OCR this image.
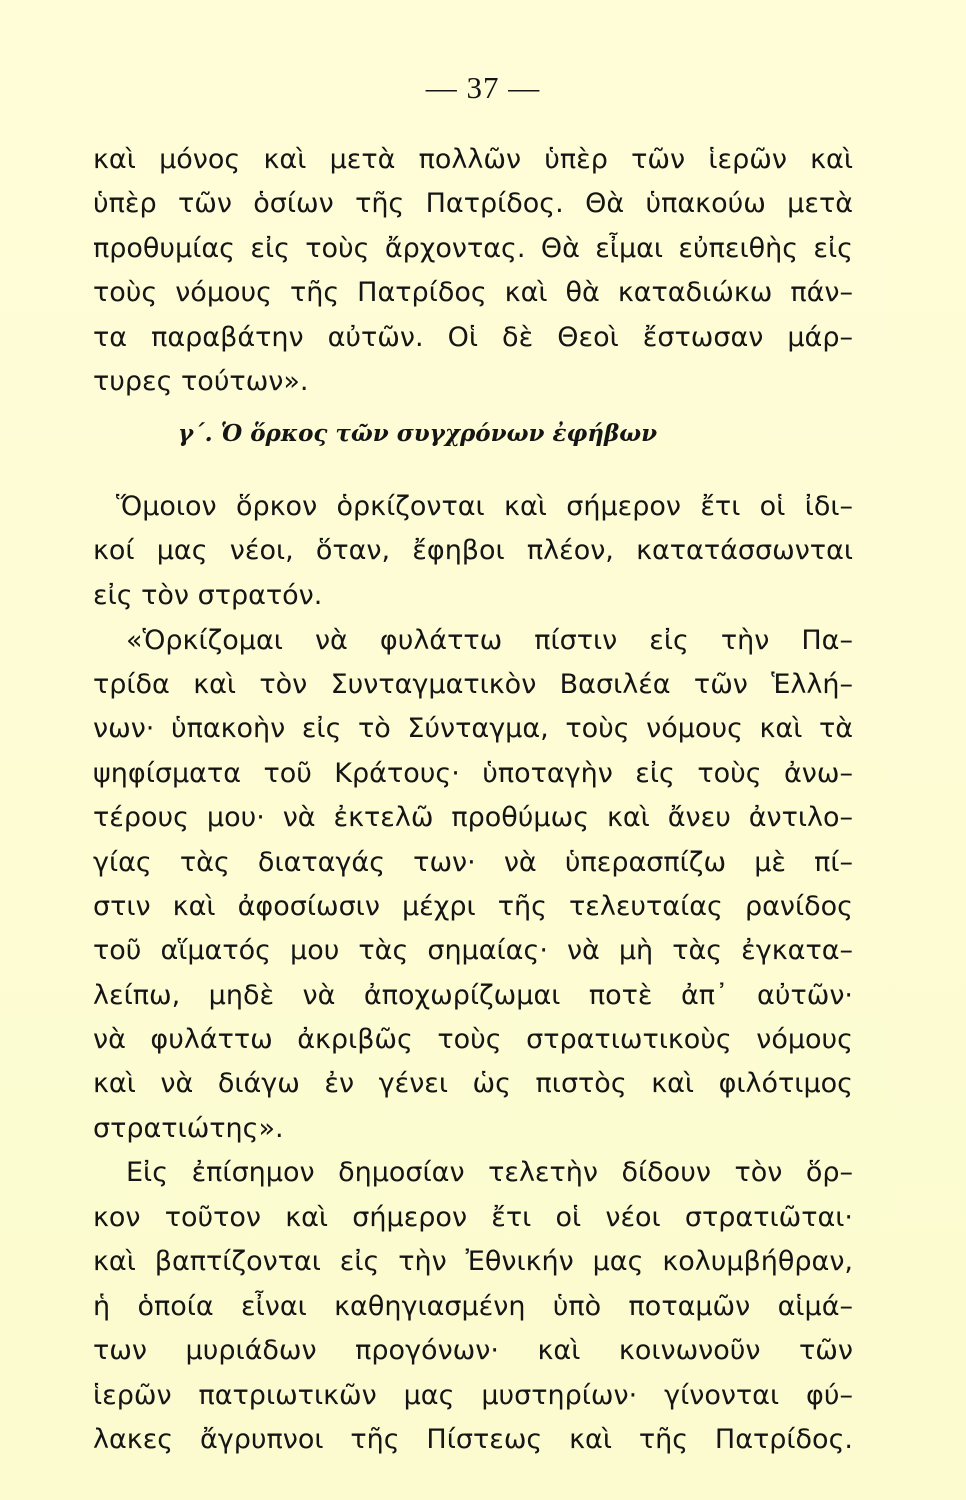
— 37 —
καὶ μόνος καὶ μετὰ πολλῶν ὑπὲρ τῶν ἱερῶν καὶ
ὑπὲρ τῶν ὁσίων τῆς Πατρίδος. Θὰ ὑπακούω μετὰ
προθυμίας εἰς τοὺς ἄρχοντας. Θὰ εἶμαι εὐπειθὴς εἰς
τοὺς νόμους τῆς Πατρίδος καὶ θὰ καταδιώκω πάν–
τα παραβάτην αὐτῶν. Οἱ δὲ Θεοὶ ἔστωσαν μάρ–
τυρες τούτων».
γ΄. Ὁ ὅρκος τῶν συγχρόνων ἐφήβων
Ὅμοιον ὅρκον ὁρκίζονται καὶ σήμερον ἔτι οἱ ἰδι–
κοί μας νέοι, ὅταν, ἔφηβοι πλέον, κατατάσσωνται
εἰς τὸν στρατόν.
«Ὁρκίζομαι νὰ φυλάττω πίστιν εἰς τὴν Πα–
τρίδα καὶ τὸν Συνταγματικὸν Βασιλέα τῶν Ἑλλή–
νων· ὑπακοὴν εἰς τὸ Σύνταγμα, τοὺς νόμους καὶ τὰ
ψηφίσματα τοῦ Κράτους· ὑποταγὴν εἰς τοὺς ἀνω–
τέρους μου· νὰ ἐκτελῶ προθύμως καὶ ἄνευ ἀντιλο–
γίας τὰς διαταγάς των· νὰ ὑπερασπίζω μὲ πί–
στιν καὶ ἀφοσίωσιν μέχρι τῆς τελευταίας ρανίδος
τοῦ αἵματός μου τὰς σημαίας· νὰ μὴ τὰς ἐγκατα–
λείπω, μηδὲ νὰ ἀποχωρίζωμαι ποτὲ ἀπ᾽ αὐτῶν·
νὰ φυλάττω ἀκριβῶς τοὺς στρατιωτικοὺς νόμους
καὶ νὰ διάγω ἐν γένει ὡς πιστὸς καὶ φιλότιμος
στρατιώτης».
Εἰς ἐπίσημον δημοσίαν τελετὴν δίδουν τὸν ὅρ–
κον τοῦτον καὶ σήμερον ἔτι οἱ νέοι στρατιῶται·
καὶ βαπτίζονται εἰς τὴν Ἐθνικήν μας κολυμβήθραν,
ἡ ὁποία εἶναι καθηγιασμένη ὑπὸ ποταμῶν αἱμά–
των μυριάδων προγόνων· καὶ κοινωνοῦν τῶν
ἱερῶν πατριωτικῶν μας μυστηρίων· γίνονται φύ–
λακες ἄγρυπνοι τῆς Πίστεως καὶ τῆς Πατρίδος.
